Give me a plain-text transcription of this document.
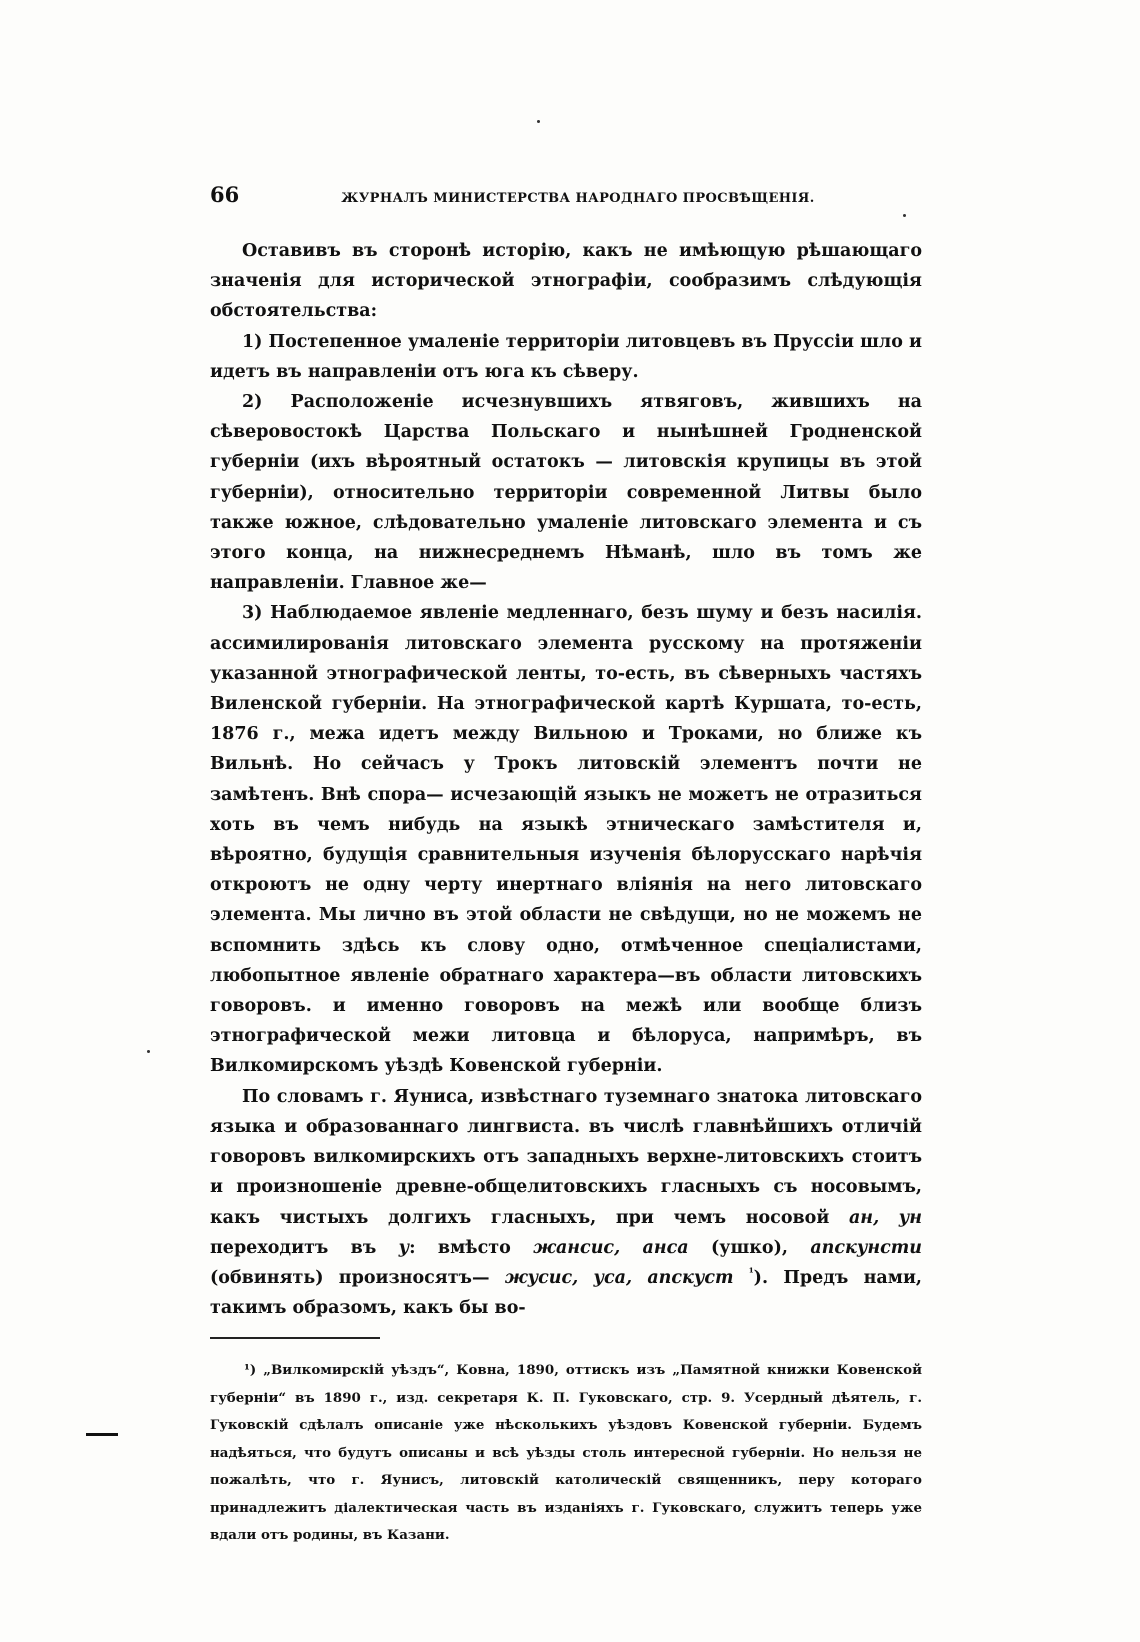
66	ЖУРНАЛЪ МИНИСТЕРСТВА НАРОДНАГО ПРОСВѢЩЕНІЯ.

Оставивъ въ сторонѣ исторію, какъ не имѣющую рѣшающаго значенія для исторической этнографіи, сообразимъ слѣдующія обстоятельства:

1) Постепенное умаленіе территоріи литовцевъ въ Пруссіи шло и идетъ въ направленіи отъ юга къ сѣверу.

2) Расположеніе исчезнувшихъ ятвяговъ, жившихъ на сѣверовостокѣ Царства Польскаго и нынѣшней Гродненской губерніи (ихъ вѣроятный остатокъ — литовскія крупицы въ этой губерніи), относительно территоріи современной Литвы было также южное, слѣдовательно умаленіе литовскаго элемента и съ этого конца, на нижнесреднемъ Нѣманѣ, шло въ томъ же направленіи. Главное же—

3) Наблюдаемое явленіе медленнаго, безъ шуму и безъ насилія. ассимилированія литовскаго элемента русскому на протяженіи указанной этнографической ленты, то-есть, въ сѣверныхъ частяхъ Виленской губерніи. На этнографической картѣ Куршата, то-есть, 1876 г., межа идетъ между Вильною и Троками, но ближе къ Вильнѣ. Но сейчасъ у Трокъ литовскій элементъ почти не замѣтенъ. Внѣ спора— исчезающій языкъ не можетъ не отразиться хоть въ чемъ нибудь на языкѣ этническаго замѣстителя и, вѣроятно, будущія сравнительныя изученія бѣлорусскаго нарѣчія откроютъ не одну черту инертнаго вліянія на него литовскаго элемента. Мы лично въ этой области не свѣдущи, но не можемъ не вспомнить здѣсь къ слову одно, отмѣченное спеціалистами, любопытное явленіе обратнаго характера—въ области литовскихъ говоровъ. и именно говоровъ на межѣ или вообще близъ этнографической межи литовца и бѣлоруса, напримѣръ, въ Вилкомирскомъ уѣздѣ Ковенской губерніи.

По словамъ г. Яуниса, извѣстнаго туземнаго знатока литовскаго языка и образованнаго лингвиста. въ числѣ главнѣйшихъ отличій говоровъ вилкомирскихъ отъ западныхъ верхне-литовскихъ стоитъ и произношеніе древне-общелитовскихъ гласныхъ съ носовымъ, какъ чистыхъ долгихъ гласныхъ, при чемъ носовой ан, ун переходитъ въ у: вмѣсто жансис, анса (ушко), апскунсти (обвинять) произносятъ— жусис, уса, апскуст $^{^1}$). Предъ нами, такимъ образомъ, какъ бы во-

¹) „Вилкомирскій уѣздъ“, Ковна, 1890, оттискъ изъ „Памятной книжки Ковенской губерніи“ въ 1890 г., изд. секретаря К. П. Гуковскаго, стр. 9. Усердный дѣятель, г. Гуковскій сдѣлалъ описаніе уже нѣсколькихъ уѣздовъ Ковенской губерніи. Будемъ надѣяться, что будутъ описаны и всѣ уѣзды столь интересной губерніи. Но нельзя не пожалѣть, что г. Яунисъ, литовскій католическій священникъ, перу котораго принадлежитъ діалектическая часть въ изданіяхъ г. Гуковскаго, служитъ теперь уже вдали отъ родины, въ Казани.
